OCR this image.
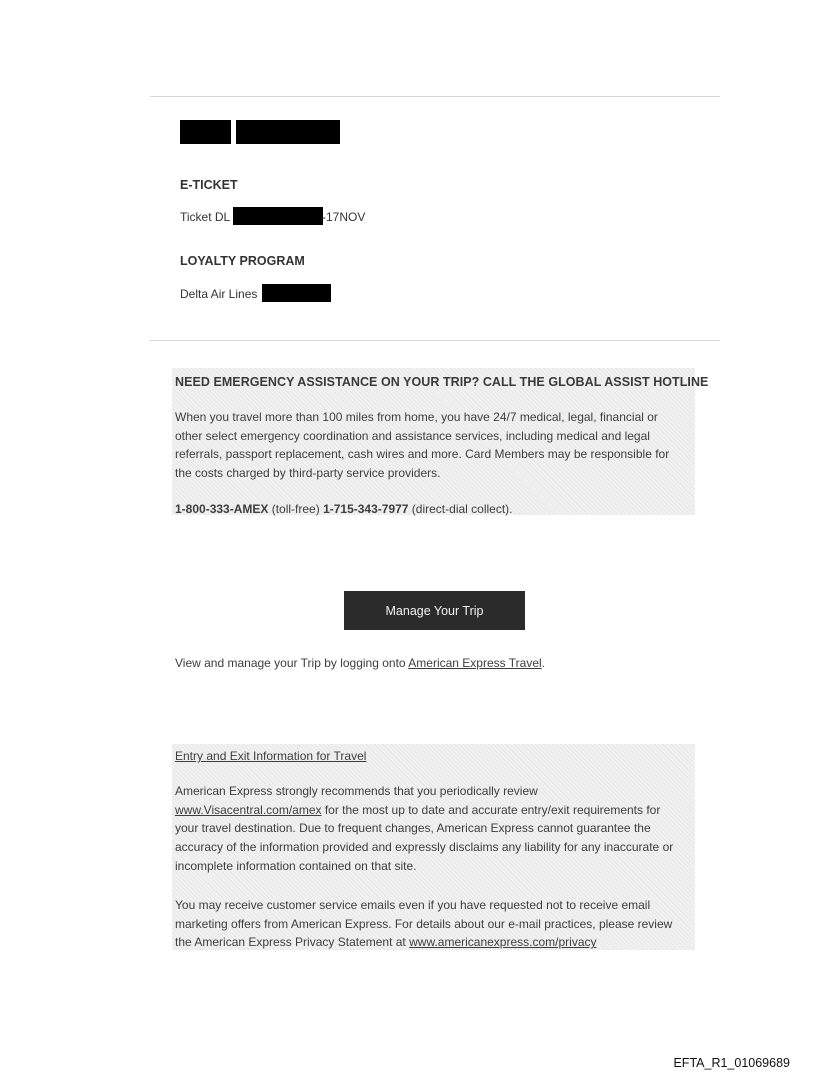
E-TICKET
Ticket DL	-17NOV
LOYALTY PROGRAM
Delta Air Lines
NEED EMERGENCY ASSISTANCE ON YOUR TRIP? CALL THE GLOBAL ASSIST HOTLINE
When you travel more than 100 miles from home, you have 24/7 medical, legal, financial or
other select emergency coordination and assistance services, including medical and legal
referrals, passport replacement, cash wires and more. Card Members may be responsible for
the costs charged by third-party service providers.
1-800-333-AMEX (toll-free) 1-715-343-7977 (direct-dial collect).
Manage Your Trip
View and manage your Trip by logging onto American Express Travel.
Entry and Exit Information for Travel
American Express strongly recommends that you periodically review
www.Visacentral.com/amex for the most up to date and accurate entry/exit requirements for
your travel destination. Due to frequent changes, American Express cannot guarantee the
accuracy of the information provided and expressly disclaims any liability for any inaccurate or
incomplete information contained on that site.
You may receive customer service emails even if you have requested not to receive email
marketing offers from American Express. For details about our e-mail practices, please review
the American Express Privacy Statement at www.americanexpress.com/privacy
EFTA_R1_01069689
